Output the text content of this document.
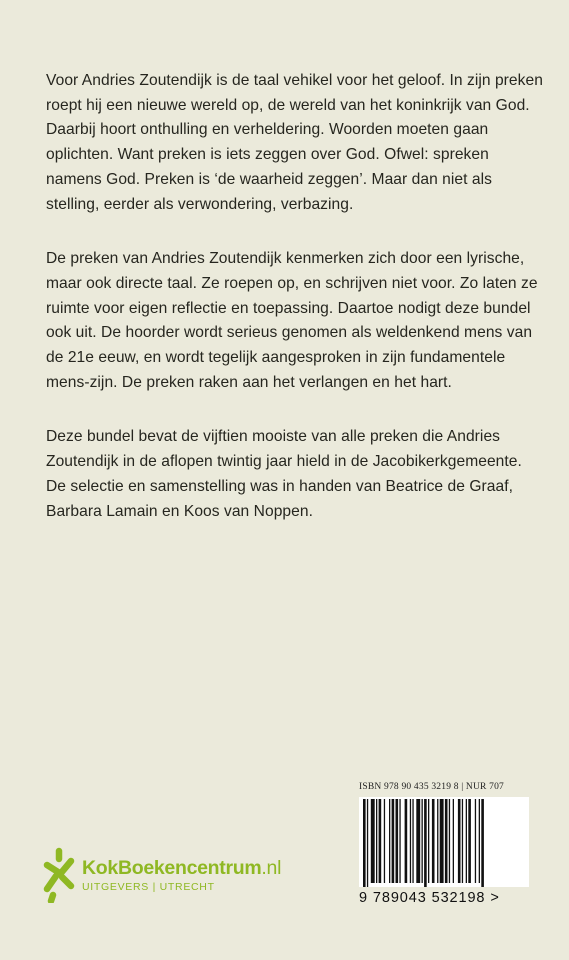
Voor Andries Zoutendijk is de taal vehikel voor het geloof. In zijn preken roept hij een nieuwe wereld op, de wereld van het koninkrijk van God. Daarbij hoort onthulling en verheldering. Woorden moeten gaan oplichten. Want preken is iets zeggen over God. Ofwel: spreken namens God. Preken is ‘de waarheid zeggen’. Maar dan niet als stelling, eerder als verwondering, verbazing.

De preken van Andries Zoutendijk kenmerken zich door een lyrische, maar ook directe taal. Ze roepen op, en schrijven niet voor. Zo laten ze ruimte voor eigen reflectie en toepassing. Daartoe nodigt deze bundel ook uit. De hoorder wordt serieus genomen als weldenkend mens van de 21e eeuw, en wordt tegelijk aangesproken in zijn fundamentele mens-zijn. De preken raken aan het verlangen en het hart.

Deze bundel bevat de vijftien mooiste van alle preken die Andries Zoutendijk in de aflopen twintig jaar hield in de Jacobikerkgemeente. De selectie en samenstelling was in handen van Beatrice de Graaf, Barbara Lamain en Koos van Noppen.

ISBN 978 90 435 3219 8 | NUR 707
9 789043 532198 >
KokBoekencentrum.nl
UITGEVERS | UTRECHT
